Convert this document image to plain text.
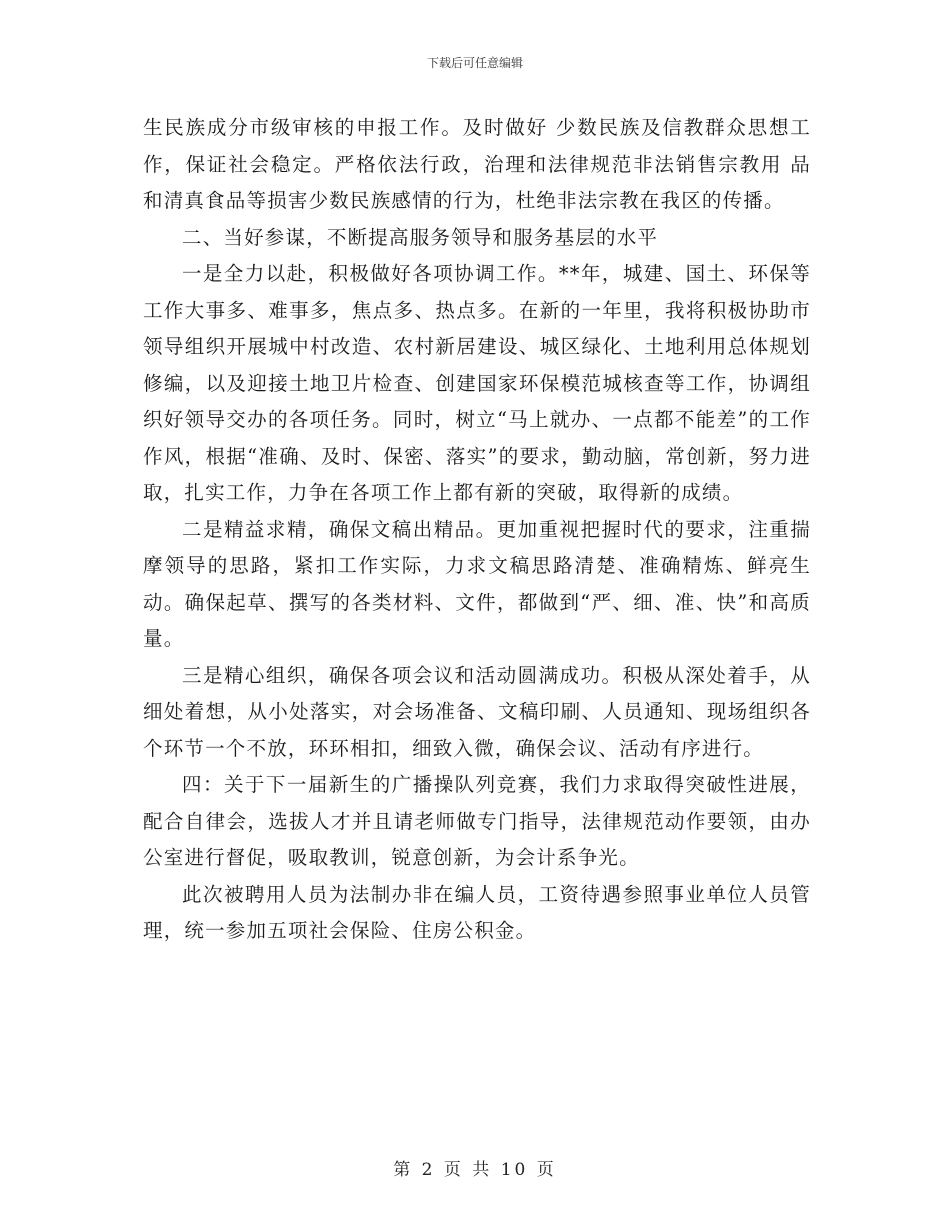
下载后可任意编辑

生民族成分市级审核的申报工作。及时做好 少数民族及信教群众思想工作，保证社会稳定。严格依法行政，治理和法律规范非法销售宗教用 品和清真食品等损害少数民族感情的行为，杜绝非法宗教在我区的传播。

二、当好参谋，不断提高服务领导和服务基层的水平

一是全力以赴，积极做好各项协调工作。**年，城建、国土、环保等工作大事多、难事多，焦点多、热点多。在新的一年里，我将积极协助市领导组织开展城中村改造、农村新居建设、城区绿化、土地利用总体规划修编，以及迎接土地卫片检查、创建国家环保模范城核查等工作，协调组织好领导交办的各项任务。同时，树立“马上就办、一点都不能差”的工作作风，根据“准确、及时、保密、落实”的要求，勤动脑，常创新，努力进取，扎实工作，力争在各项工作上都有新的突破，取得新的成绩。

二是精益求精，确保文稿出精品。更加重视把握时代的要求，注重揣摩领导的思路，紧扣工作实际，力求文稿思路清楚、准确精炼、鲜亮生动。确保起草、撰写的各类材料、文件，都做到“严、细、准、快”和高质量。

三是精心组织，确保各项会议和活动圆满成功。积极从深处着手，从细处着想，从小处落实，对会场准备、文稿印刷、人员通知、现场组织各个环节一个不放，环环相扣，细致入微，确保会议、活动有序进行。

四：关于下一届新生的广播操队列竞赛，我们力求取得突破性进展，配合自律会，选拔人才并且请老师做专门指导，法律规范动作要领，由办公室进行督促，吸取教训，锐意创新，为会计系争光。

此次被聘用人员为法制办非在编人员，工资待遇参照事业单位人员管理，统一参加五项社会保险、住房公积金。

第 2 页 共 10 页
